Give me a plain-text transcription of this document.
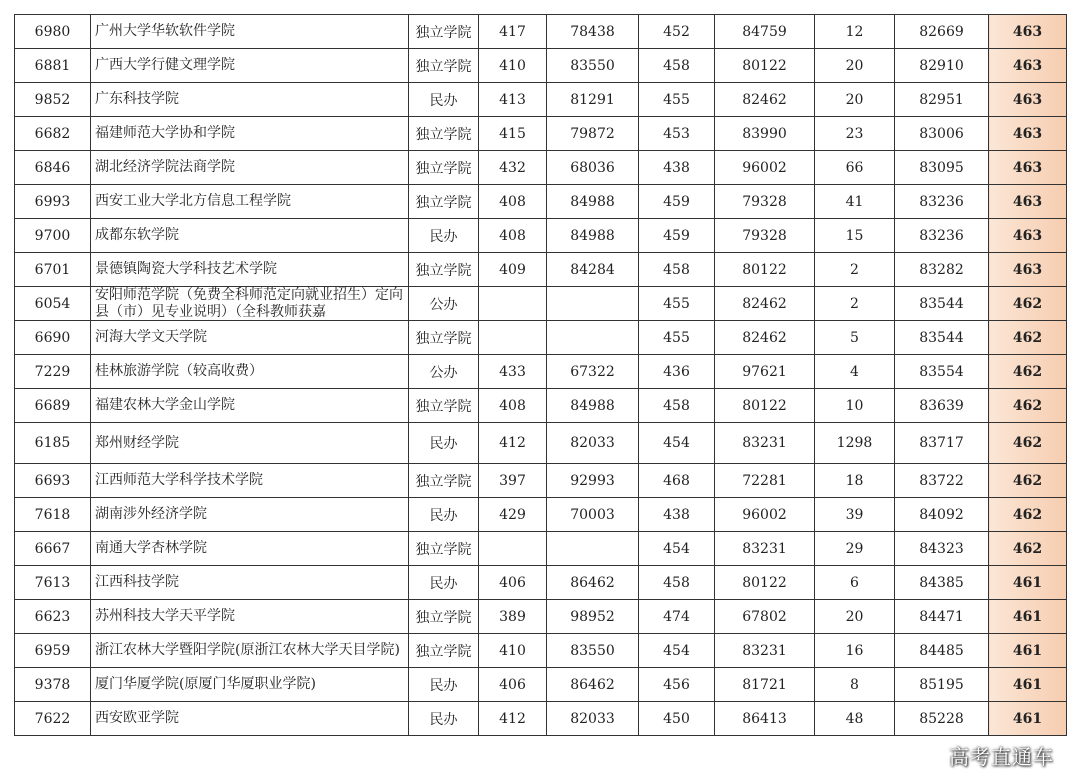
6980	广州大学华软软件学院	独立学院	417	78438	452	84759	12	82669	463
6881	广西大学行健文理学院	独立学院	410	83550	458	80122	20	82910	463
9852	广东科技学院	民办	413	81291	455	82462	20	82951	463
6682	福建师范大学协和学院	独立学院	415	79872	453	83990	23	83006	463
6846	湖北经济学院法商学院	独立学院	432	68036	438	96002	66	83095	463
6993	西安工业大学北方信息工程学院	独立学院	408	84988	459	79328	41	83236	463
9700	成都东软学院	民办	408	84988	459	79328	15	83236	463
6701	景德镇陶瓷大学科技艺术学院	独立学院	409	84284	458	80122	2	83282	463
6054	安阳师范学院（免费全科师范定向就业招生）定向县（市）见专业说明）（全科教师获嘉	公办			455	82462	2	83544	462
6690	河海大学文天学院	独立学院			455	82462	5	83544	462
7229	桂林旅游学院（较高收费）	公办	433	67322	436	97621	4	83554	462
6689	福建农林大学金山学院	独立学院	408	84988	458	80122	10	83639	462
6185	郑州财经学院	民办	412	82033	454	83231	1298	83717	462
6693	江西师范大学科学技术学院	独立学院	397	92993	468	72281	18	83722	462
7618	湖南涉外经济学院	民办	429	70003	438	96002	39	84092	462
6667	南通大学杏林学院	独立学院			454	83231	29	84323	462
7613	江西科技学院	民办	406	86462	458	80122	6	84385	461
6623	苏州科技大学天平学院	独立学院	389	98952	474	67802	20	84471	461
6959	浙江农林大学暨阳学院(原浙江农林大学天目学院)	独立学院	410	83550	454	83231	16	84485	461
9378	厦门华厦学院(原厦门华厦职业学院)	民办	406	86462	456	81721	8	85195	461
7622	西安欧亚学院	民办	412	82033	450	86413	48	85228	461
高考直通车
